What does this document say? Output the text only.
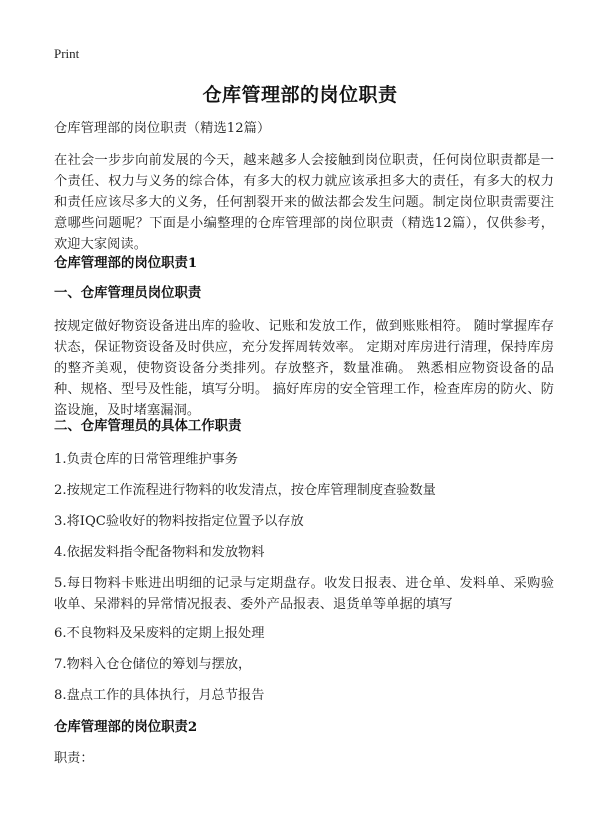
Print
仓库管理部的岗位职责
仓库管理部的岗位职责（精选12篇）
在社会一步步向前发展的今天，越来越多人会接触到岗位职责，任何岗位职责都是一个责任、权力与义务的综合体，有多大的权力就应该承担多大的责任，有多大的权力和责任应该尽多大的义务，任何割裂开来的做法都会发生问题。制定岗位职责需要注意哪些问题呢？下面是小编整理的仓库管理部的岗位职责（精选12篇），仅供参考，欢迎大家阅读。
仓库管理部的岗位职责1
一、仓库管理员岗位职责
按规定做好物资设备进出库的验收、记账和发放工作，做到账账相符。 随时掌握库存状态，保证物资设备及时供应，充分发挥周转效率。 定期对库房进行清理，保持库房的整齐美观，使物资设备分类排列。存放整齐，数量准确。 熟悉相应物资设备的品种、规格、型号及性能，填写分明。 搞好库房的安全管理工作，检查库房的防火、防盗设施，及时堵塞漏洞。
二、仓库管理员的具体工作职责
1.负责仓库的日常管理维护事务
2.按规定工作流程进行物料的收发清点，按仓库管理制度查验数量
3.将IQC验收好的物料按指定位置予以存放
4.依据发料指令配备物料和发放物料
5.每日物料卡账进出明细的记录与定期盘存。收发日报表、进仓单、发料单、采购验收单、呆滞料的异常情况报表、委外产品报表、退货单等单据的填写
6.不良物料及呆废料的定期上报处理
7.物料入仓仓储位的筹划与摆放，
8.盘点工作的具体执行，月总节报告
仓库管理部的岗位职责2
职责：
